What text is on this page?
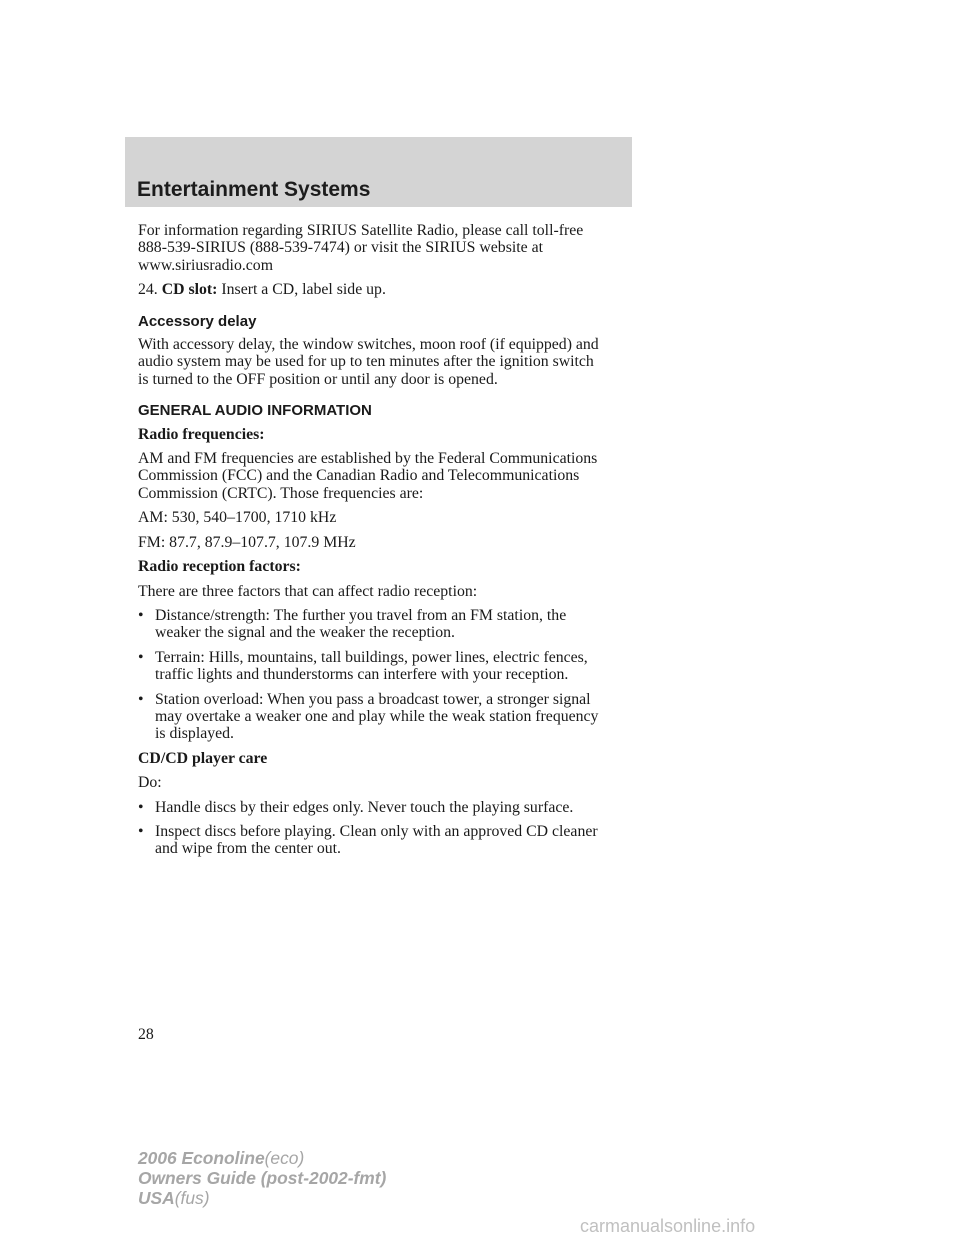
Entertainment Systems

For information regarding SIRIUS Satellite Radio, please call toll-free
888-539-SIRIUS (888-539-7474) or visit the SIRIUS website at
www.siriusradio.com

24. CD slot: Insert a CD, label side up.

Accessory delay

With accessory delay, the window switches, moon roof (if equipped) and
audio system may be used for up to ten minutes after the ignition switch
is turned to the OFF position or until any door is opened.

GENERAL AUDIO INFORMATION
Radio frequencies:

AM and FM frequencies are established by the Federal Communications
Commission (FCC) and the Canadian Radio and Telecommunications
Commission (CRTC). Those frequencies are:

AM: 530, 540–1700, 1710 kHz

FM: 87.7, 87.9–107.7, 107.9 MHz

Radio reception factors:

There are three factors that can affect radio reception:

• Distance/strength: The further you travel from an FM station, the
weaker the signal and the weaker the reception.
• Terrain: Hills, mountains, tall buildings, power lines, electric fences,
traffic lights and thunderstorms can interfere with your reception.
• Station overload: When you pass a broadcast tower, a stronger signal
may overtake a weaker one and play while the weak station frequency
is displayed.
CD/CD player care

Do:

• Handle discs by their edges only. Never touch the playing surface.
• Inspect discs before playing. Clean only with an approved CD cleaner
and wipe from the center out.
28
2006 Econoline(eco)
Owners Guide (post-2002-fmt)
USA(fus)
carmanualsonline.info
